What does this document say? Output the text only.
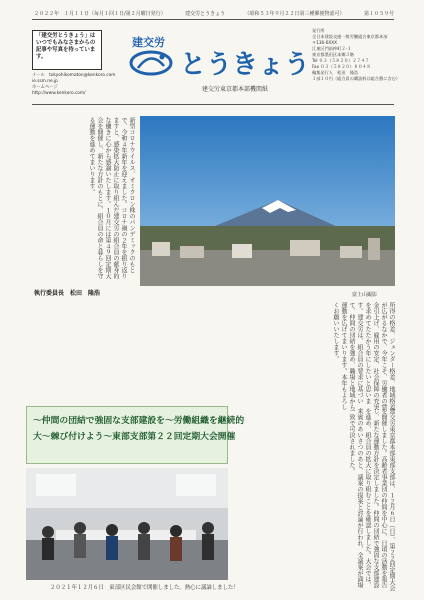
２０２２年　１月１１日（毎月１回１日/第２月曜日発行）	建交労とうきょう	（昭和５３年９月２２日第三種郵便物認可）	第１０５９号
「建交労とうきょう」はいつでもみなさまからの記事や写真を待っています。
メール　tokyohikomaton@kenkoro.com
ie.ssm.ne.jp
ホームページ
http://www.kenkoro.com/
建交労
とうきょう
建交労東京都本部機関紙
発行所
全日本建設交運一般労働組合東京都本部
〒136-0XXX
江東区門前仲町２-３
東京都墨田区本郷３階
Tel ０３（５８２０）２７４７
Fax ０３（５８２０）８０４８
編集発行人　松田　隆浩
１部１０円（組合員の購読料は組合費に含む）
新型コロナウイルス、オミクロン株のパンデミックのもとで、令和４年新年を迎えました。コロナ禍の２年を振り返りますと、感染拡大防止に取り組んだ建交労の組合員の献身的な働きに心から感謝いたします。１０月には第４９回定期大会を開催し、新たな方針のもとに、組合員の命と暮らしを守る運動を進めてまいります。
執行委員長　松田　隆浩	富士山撮影
所得の格差、ジェンダー格差、地域格差が広がるなかで、今年こそ、労働者の賃金引上げ、雇用の安定、社会保障の充実を求めてたたかう年にしたいと思います。建交労は、組合員の要求に基づいて、仲間の団結を強め、職場と地域から運動を広げてまいります。本年もよろしくお願いいたします。
～仲間の団結で強固な支部建設を～労働組織を継続的
大～棘び付けよう～東部支部第２２回定期大会開催
２０２１年１２月６日　東部区民会館で開催しました。熱心に議論しました！	建交労東京都本部東部支部は、１２月６日（日）、第２２回定期大会を開催しました。高齢者事業団の仲間を中心に、日頃の活動を報告し、新たな運動方針を決定しました。仲間の団結で強固な支部建設を進め、組合員の拡大に取り組むことを確認しました。大会では、来賓のあいさつのあと、議案の提案と討論が行われ、全議案が満場一致で可決されました。
